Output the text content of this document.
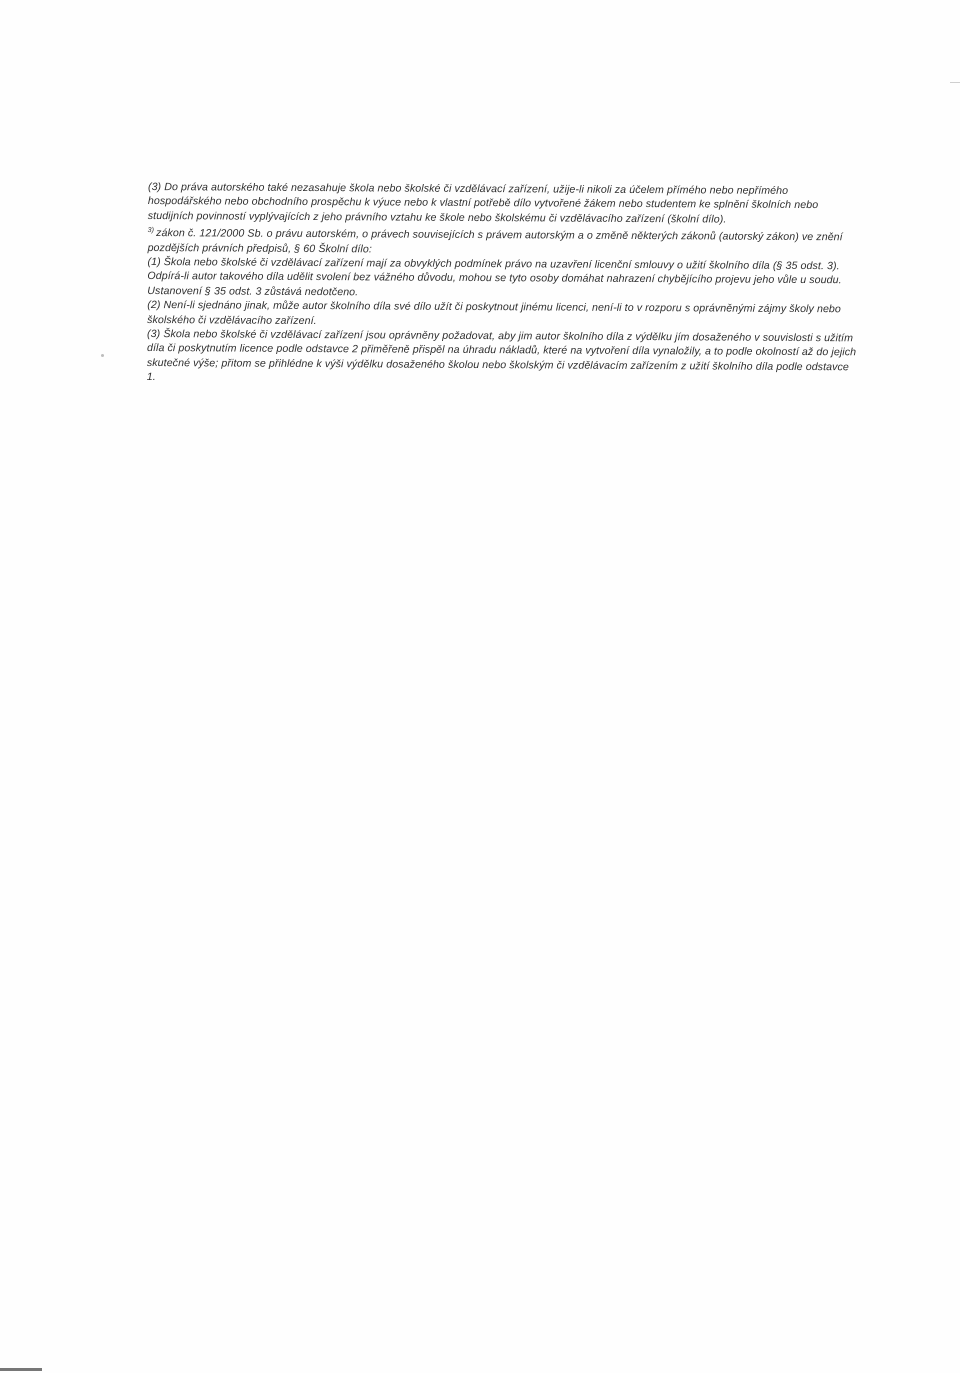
(3) Do práva autorského také nezasahuje škola nebo školské či vzdělávací zařízení, užije-li nikoli za účelem přímého nebo nepřímého hospodářského nebo obchodního prospěchu k výuce nebo k vlastní potřebě dílo vytvořené žákem nebo studentem ke splnění školních nebo studijních povinností vyplývajících z jeho právního vztahu ke škole nebo školskému či vzdělávacího zařízení (školní dílo).

$^{3)}$ zákon č. 121/2000 Sb. o právu autorském, o právech souvisejících s právem autorským a o změně některých zákonů (autorský zákon) ve znění pozdějších právních předpisů, § 60 Školní dílo:

(1) Škola nebo školské či vzdělávací zařízení mají za obvyklých podmínek právo na uzavření licenční smlouvy o užití školního díla (§ 35 odst. 3). Odpírá-li autor takového díla udělit svolení bez vážného důvodu, mohou se tyto osoby domáhat nahrazení chybějícího projevu jeho vůle u soudu. Ustanovení § 35 odst. 3 zůstává nedotčeno.

(2) Není-li sjednáno jinak, může autor školního díla své dílo užít či poskytnout jinému licenci, není-li to v rozporu s oprávněnými zájmy školy nebo školského či vzdělávacího zařízení.

(3) Škola nebo školské či vzdělávací zařízení jsou oprávněny požadovat, aby jim autor školního díla z výdělku jím dosaženého v souvislosti s užitím díla či poskytnutím licence podle odstavce 2 přiměřeně přispěl na úhradu nákladů, které na vytvoření díla vynaložily, a to podle okolností až do jejich skutečné výše; přitom se přihlédne k výši výdělku dosaženého školou nebo školským či vzdělávacím zařízením z užití školního díla podle odstavce 1.
